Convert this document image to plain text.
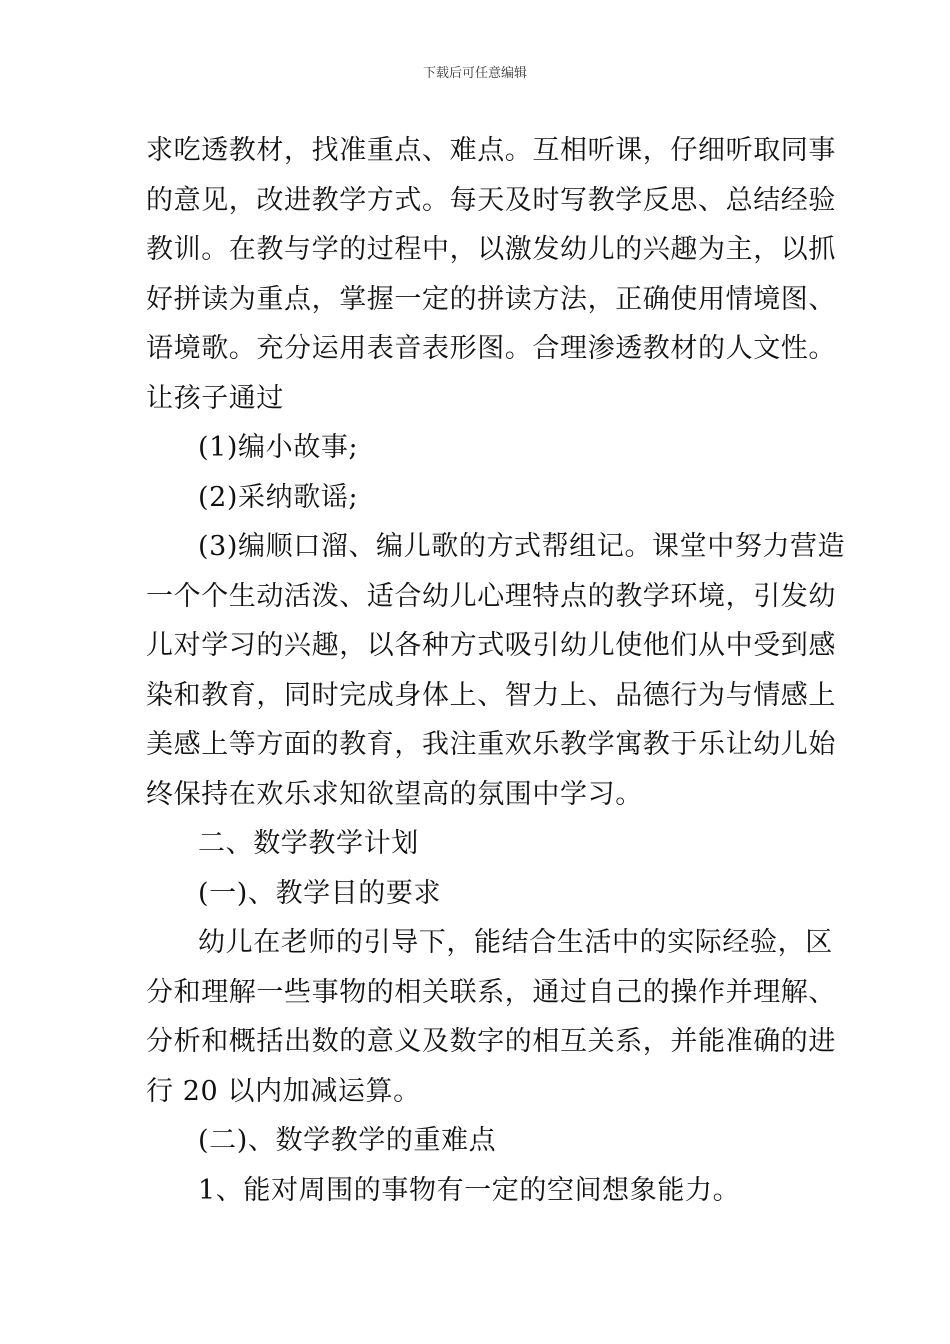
下载后可任意编辑

求吃透教材，找准重点、难点。互相听课，仔细听取同事
的意见，改进教学方式。每天及时写教学反思、总结经验
教训。在教与学的过程中，以激发幼儿的兴趣为主，以抓
好拼读为重点，掌握一定的拼读方法，正确使用情境图、
语境歌。充分运用表音表形图。合理渗透教材的人文性。
让孩子通过

(1)编小故事;

(2)采纳歌谣;

(3)编顺口溜、编儿歌的方式帮组记。课堂中努力营造
一个个生动活泼、适合幼儿心理特点的教学环境，引发幼
儿对学习的兴趣，以各种方式吸引幼儿使他们从中受到感
染和教育，同时完成身体上、智力上、品德行为与情感上
美感上等方面的教育，我注重欢乐教学寓教于乐让幼儿始
终保持在欢乐求知欲望高的氛围中学习。

二、数学教学计划

(一)、教学目的要求

幼儿在老师的引导下，能结合生活中的实际经验，区
分和理解一些事物的相关联系，通过自己的操作并理解、
分析和概括出数的意义及数字的相互关系，并能准确的进
行 20 以内加减运算。

(二)、数学教学的重难点

1、能对周围的事物有一定的空间想象能力。
